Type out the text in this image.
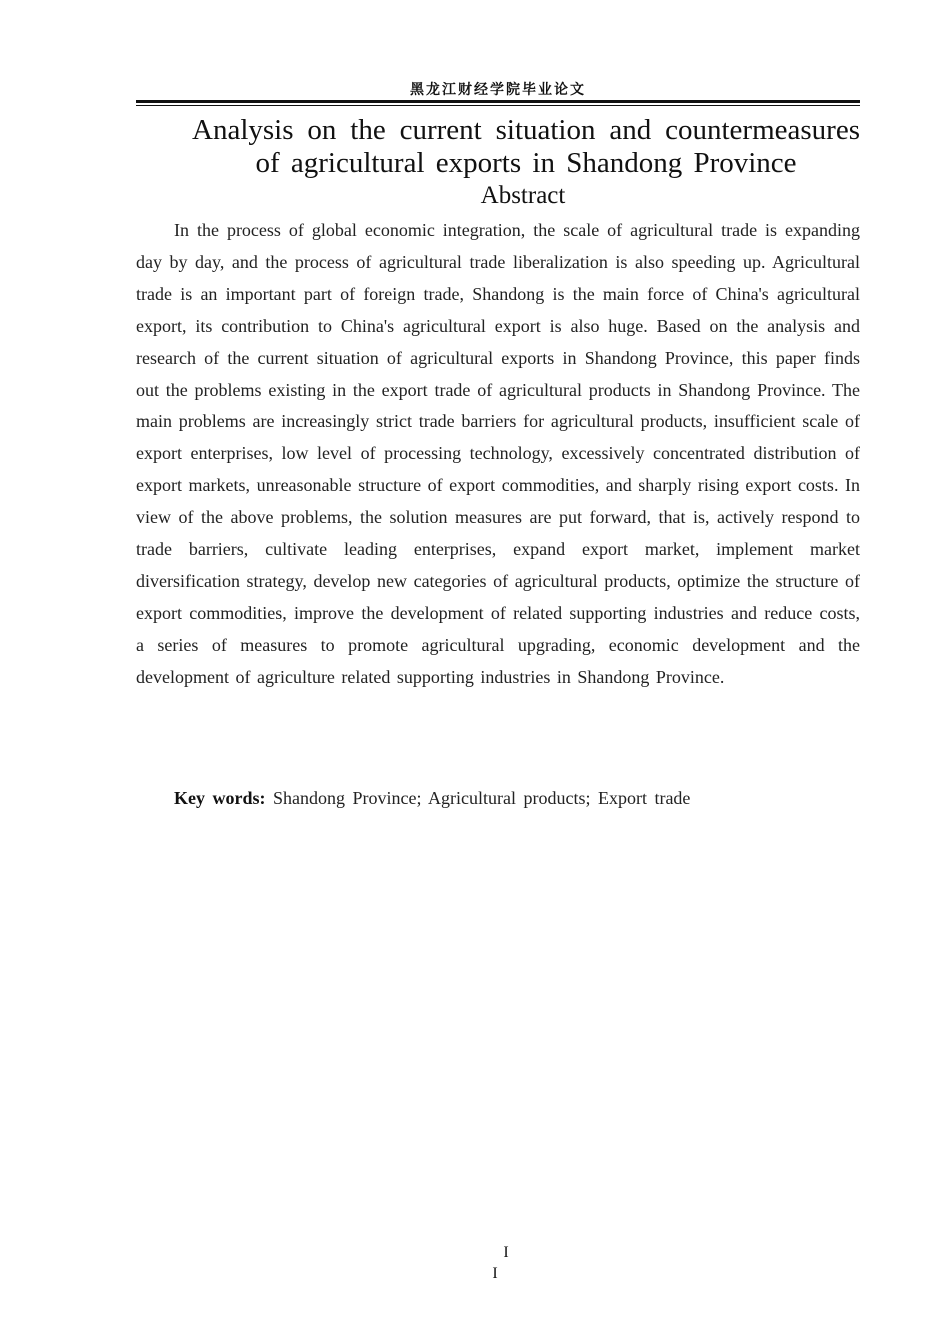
黑龙江财经学院毕业论文
Analysis on the current situation and countermeasures of agricultural exports in Shandong Province
Abstract

In the process of global economic integration, the scale of agricultural trade is expanding day by day, and the process of agricultural trade liberalization is also speeding up. Agricultural trade is an important part of foreign trade, Shandong is the main force of China's agricultural export, its contribution to China's agricultural export is also huge. Based on the analysis and research of the current situation of agricultural exports in Shandong Province, this paper finds out the problems existing in the export trade of agricultural products in Shandong Province. The main problems are increasingly strict trade barriers for agricultural products, insufficient scale of export enterprises, low level of processing technology, excessively concentrated distribution of export markets, unreasonable structure of export commodities, and sharply rising export costs. In view of the above problems, the solution measures are put forward, that is, actively respond to trade barriers, cultivate leading enterprises, expand export market, implement market diversification strategy, develop new categories of agricultural products, optimize the structure of export commodities, improve the development of related supporting industries and reduce costs, a series of measures to promote agricultural upgrading, economic development and the development of agriculture related supporting industries in Shandong Province.

Key words: Shandong Province; Agricultural products; Export trade
I
I
